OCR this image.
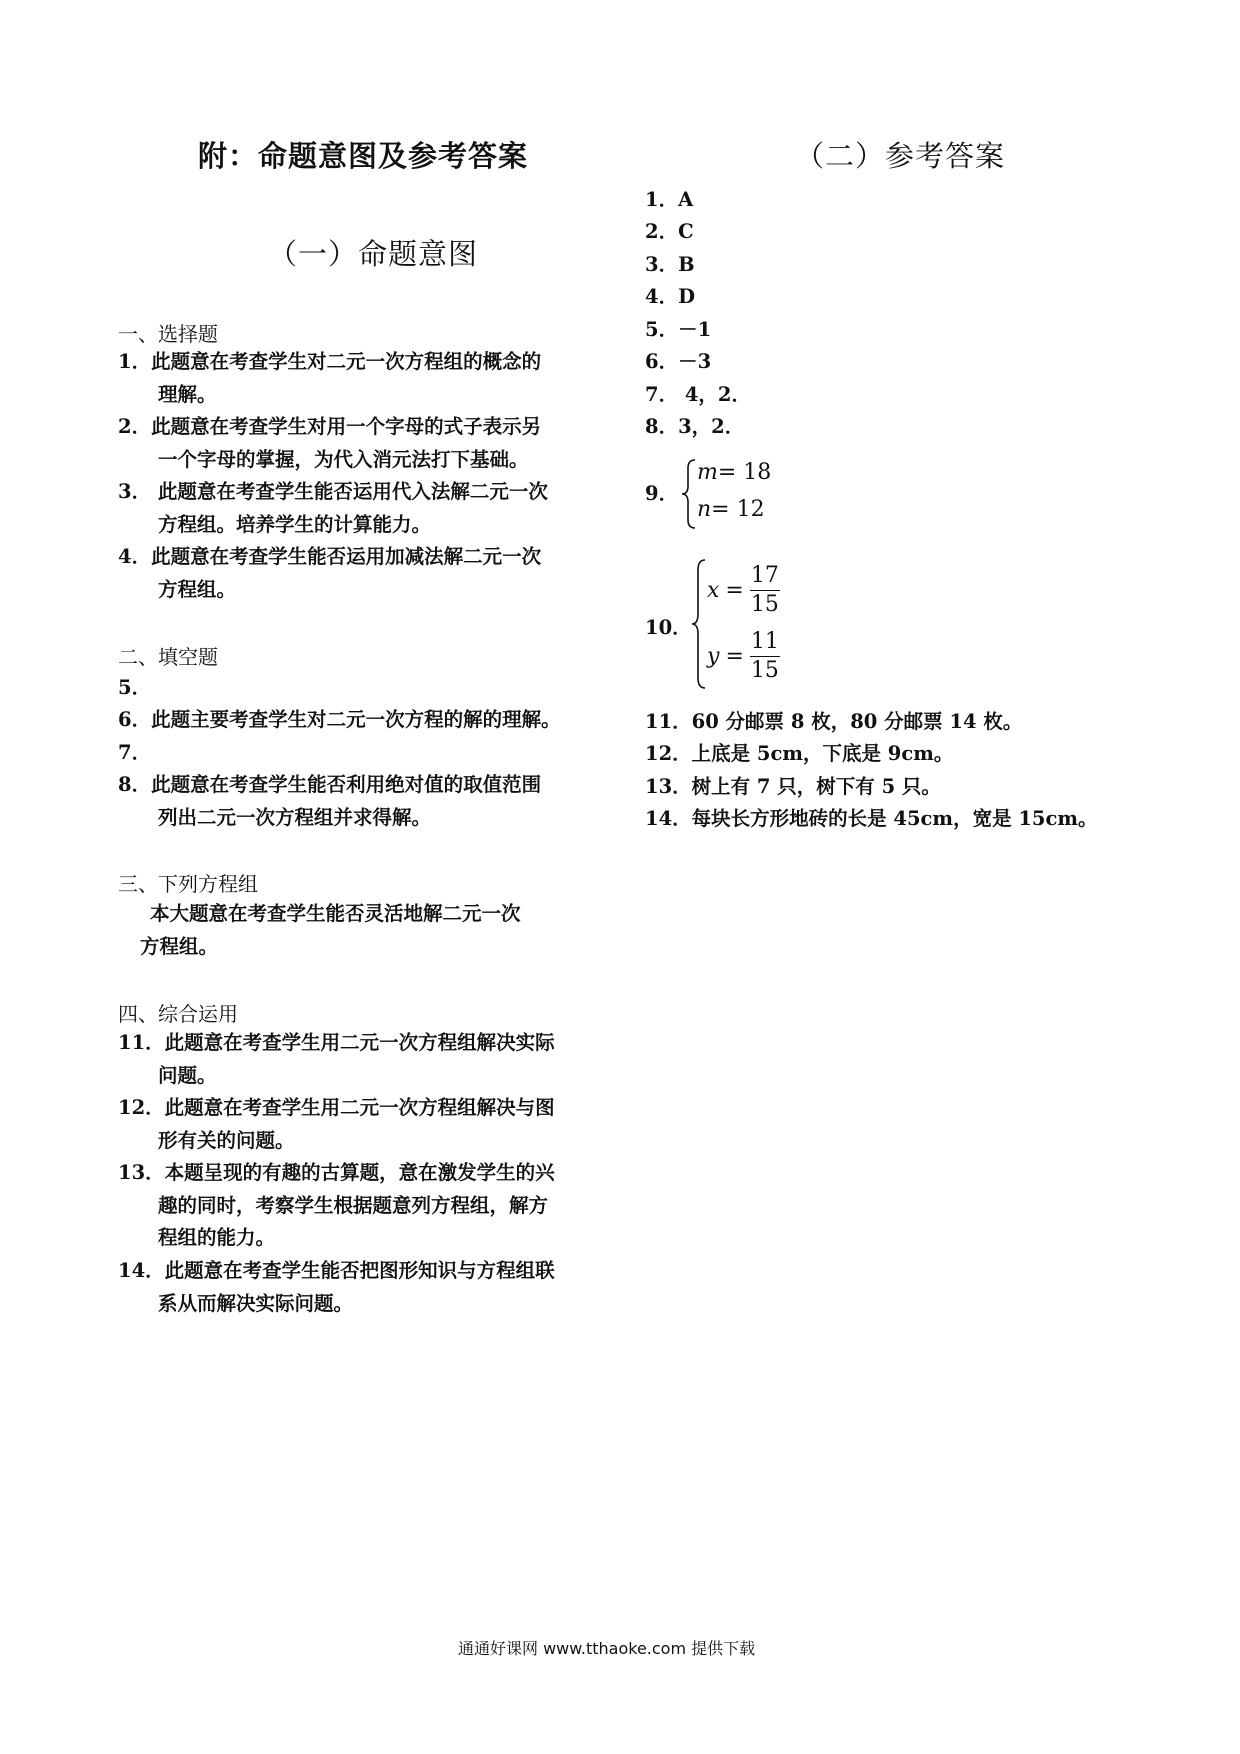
附：命题意图及参考答案
（一）命题意图
一、选择题
1．此题意在考查学生对二元一次方程组的概念的
理解。
2．此题意在考查学生对用一个字母的式子表示另
一个字母的掌握，为代入消元法打下基础。
3． 此题意在考查学生能否运用代入法解二元一次
方程组。培养学生的计算能力。
4．此题意在考查学生能否运用加减法解二元一次
方程组。
二、填空题
5．
6．此题主要考查学生对二元一次方程的解的理解。
7．
8．此题意在考查学生能否利用绝对值的取值范围
列出二元一次方程组并求得解。
三、下列方程组
本大题意在考查学生能否灵活地解二元一次
方程组。
四、综合运用
11．此题意在考查学生用二元一次方程组解决实际
问题。
12．此题意在考查学生用二元一次方程组解决与图
形有关的问题。
13．本题呈现的有趣的古算题，意在激发学生的兴
趣的同时，考察学生根据题意列方程组，解方
程组的能力。
14．此题意在考查学生能否把图形知识与方程组联
系从而解决实际问题。
（二）参考答案
1．A
2．C
3．B
4．D
5．－1
6．－3
7． 4，2．
8．3，2．
9．
m= 18
n= 12
10．
$x = \frac{17}{15}$
$y = \frac{11}{15}$
11．60 分邮票 8 枚，80 分邮票 14 枚。
12．上底是 5cm，下底是 9cm。
13．树上有 7 只，树下有 5 只。
14．每块长方形地砖的长是 45cm，宽是 15cm。
通通好课网 www.tthaoke.com 提供下载
